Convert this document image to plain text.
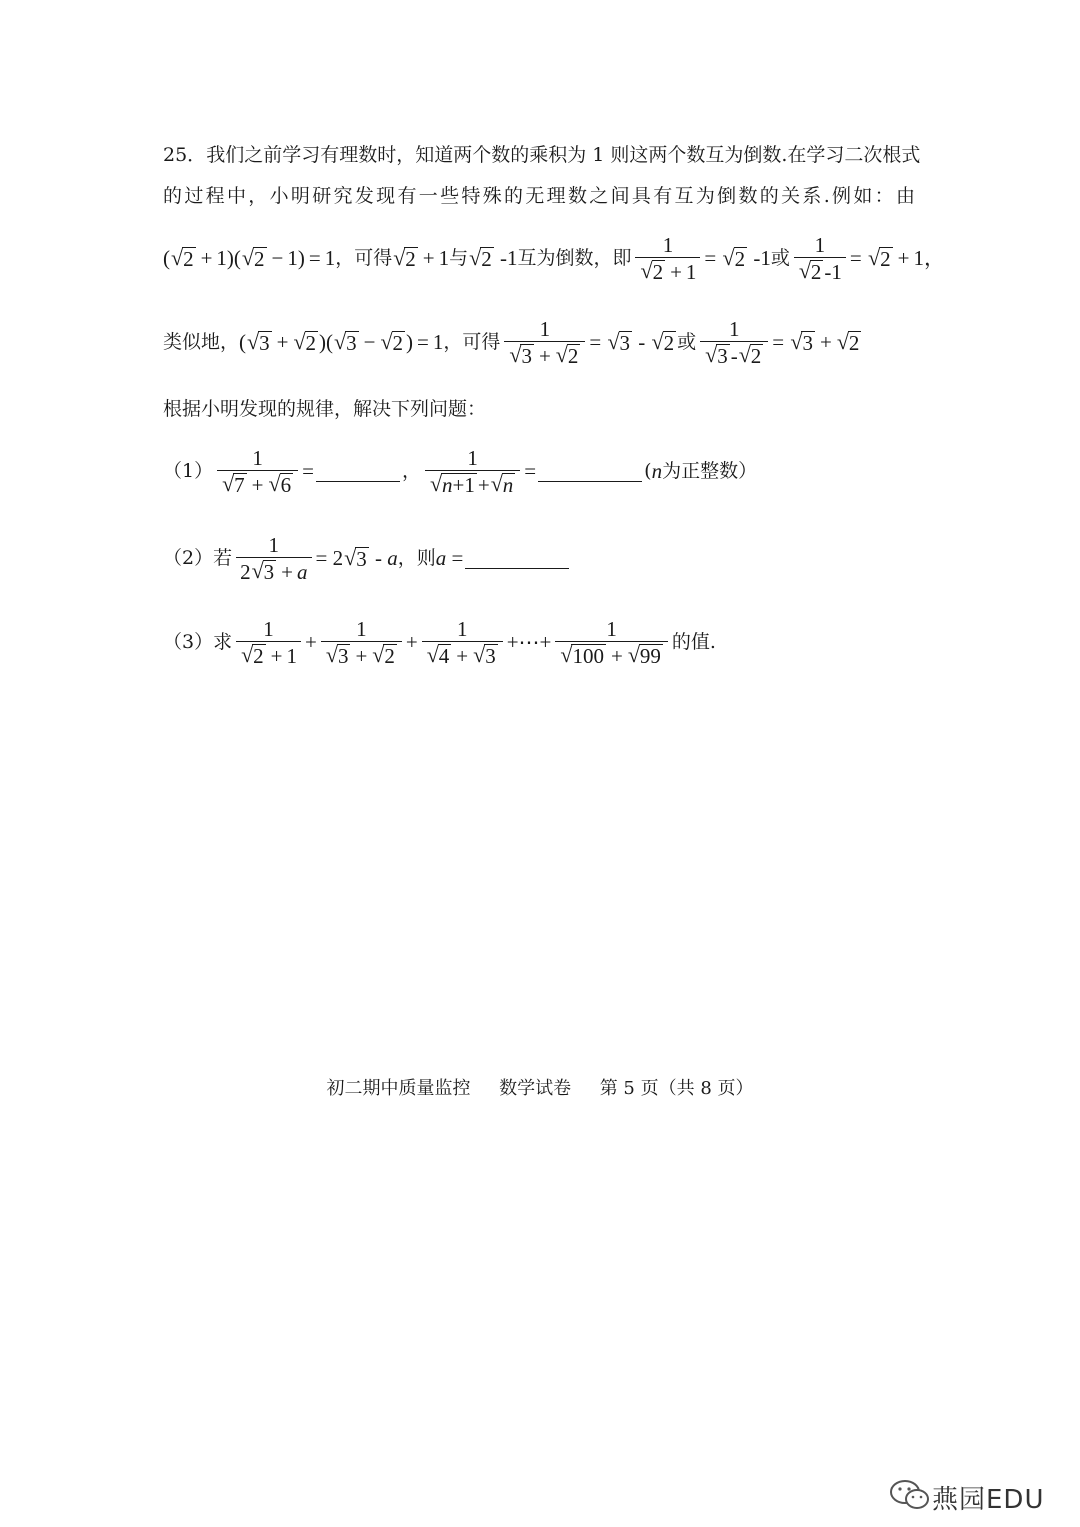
25．我们之前学习有理数时，知道两个数的乘积为 1 则这两个数互为倒数.在学习二次根式
的过程中，小明研究发现有一些特殊的无理数之间具有互为倒数的关系.例如：由
( √ 2 + 1)( √ 2 − 1) = 1 ，可得 √ 2 + 1 与 √ 2 -1 互为倒数，即 $\frac{1}{√ 2 + 1}$ = √ 2 -1 或 $\frac{1}{√ 2 -1}$ = √ 2 + 1，
类似地， ( √ 3 + √ 2 )( √ 3 − √ 2 ) = 1 ，可得 $\frac{1}{√ 3 + √ 2}$ = √ 3 - √ 2 或 $\frac{1}{√ 3 - √ 2}$ = √ 3 + √ 2
根据小明发现的规律，解决下列问题：
$(1) \frac{1}{√ 7 + √ 6}$ =	， $\frac{1}{√ n+1 + √ n}$ =	( n 为正整数）
（2）若 $\frac{1}{2 √ 3 + a} = 2$ √ 3 - a ，则 a =
（3）求 $\frac{1}{√ 2 + 1} + \frac{1}{√ 3 + √ 2} + \frac{1}{√ 4 + √ 3}$ +⋯+ $\frac{1}{√ 100 + √ 99}$ 的值.
初二期中质量监控     数学试卷     第 5 页（共 8 页）
燕园EDU
